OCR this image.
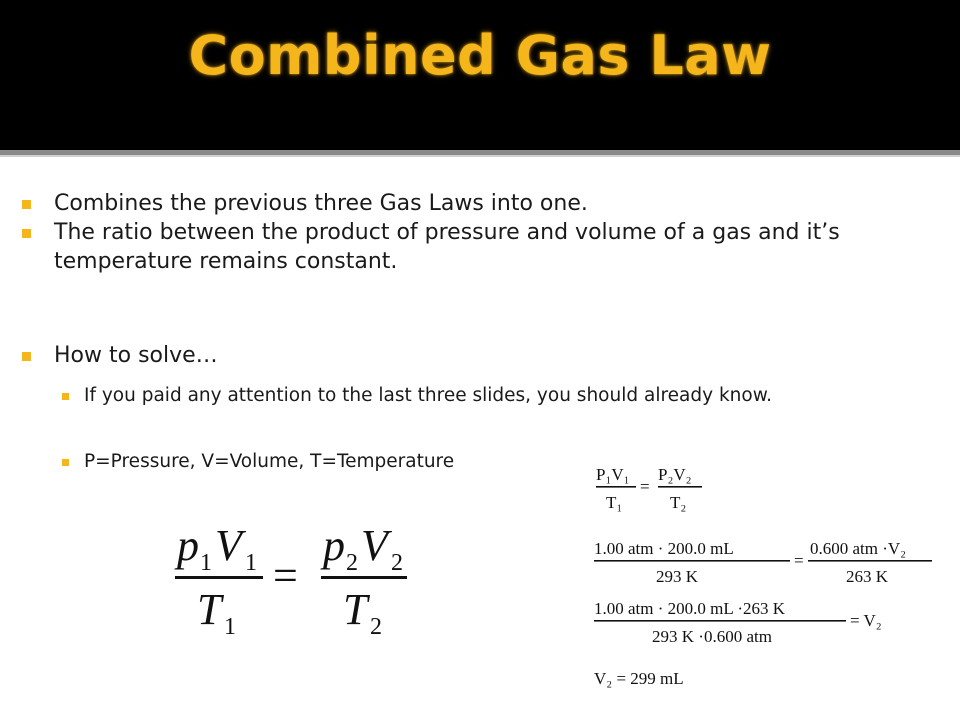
Combined Gas Law
Combines the previous three Gas Laws into one.
The ratio between the product of pressure and volume of a gas and it’s temperature remains constant.
How to solve…
If you paid any attention to the last three slides, you should already know.
P=Pressure, V=Volume, T=Temperature
p 1 V 1
T 1
=
p 2 V 2
T 2
P₁V₁
T₁
=
P₂V₂
T₂
1.00 atm · 200.0 mL
293 K
=
0.600 atm ·V₂
263 K
1.00 atm · 200.0 mL ·263 K
293 K ·0.600 atm
= V₂
V₂ = 299 mL
